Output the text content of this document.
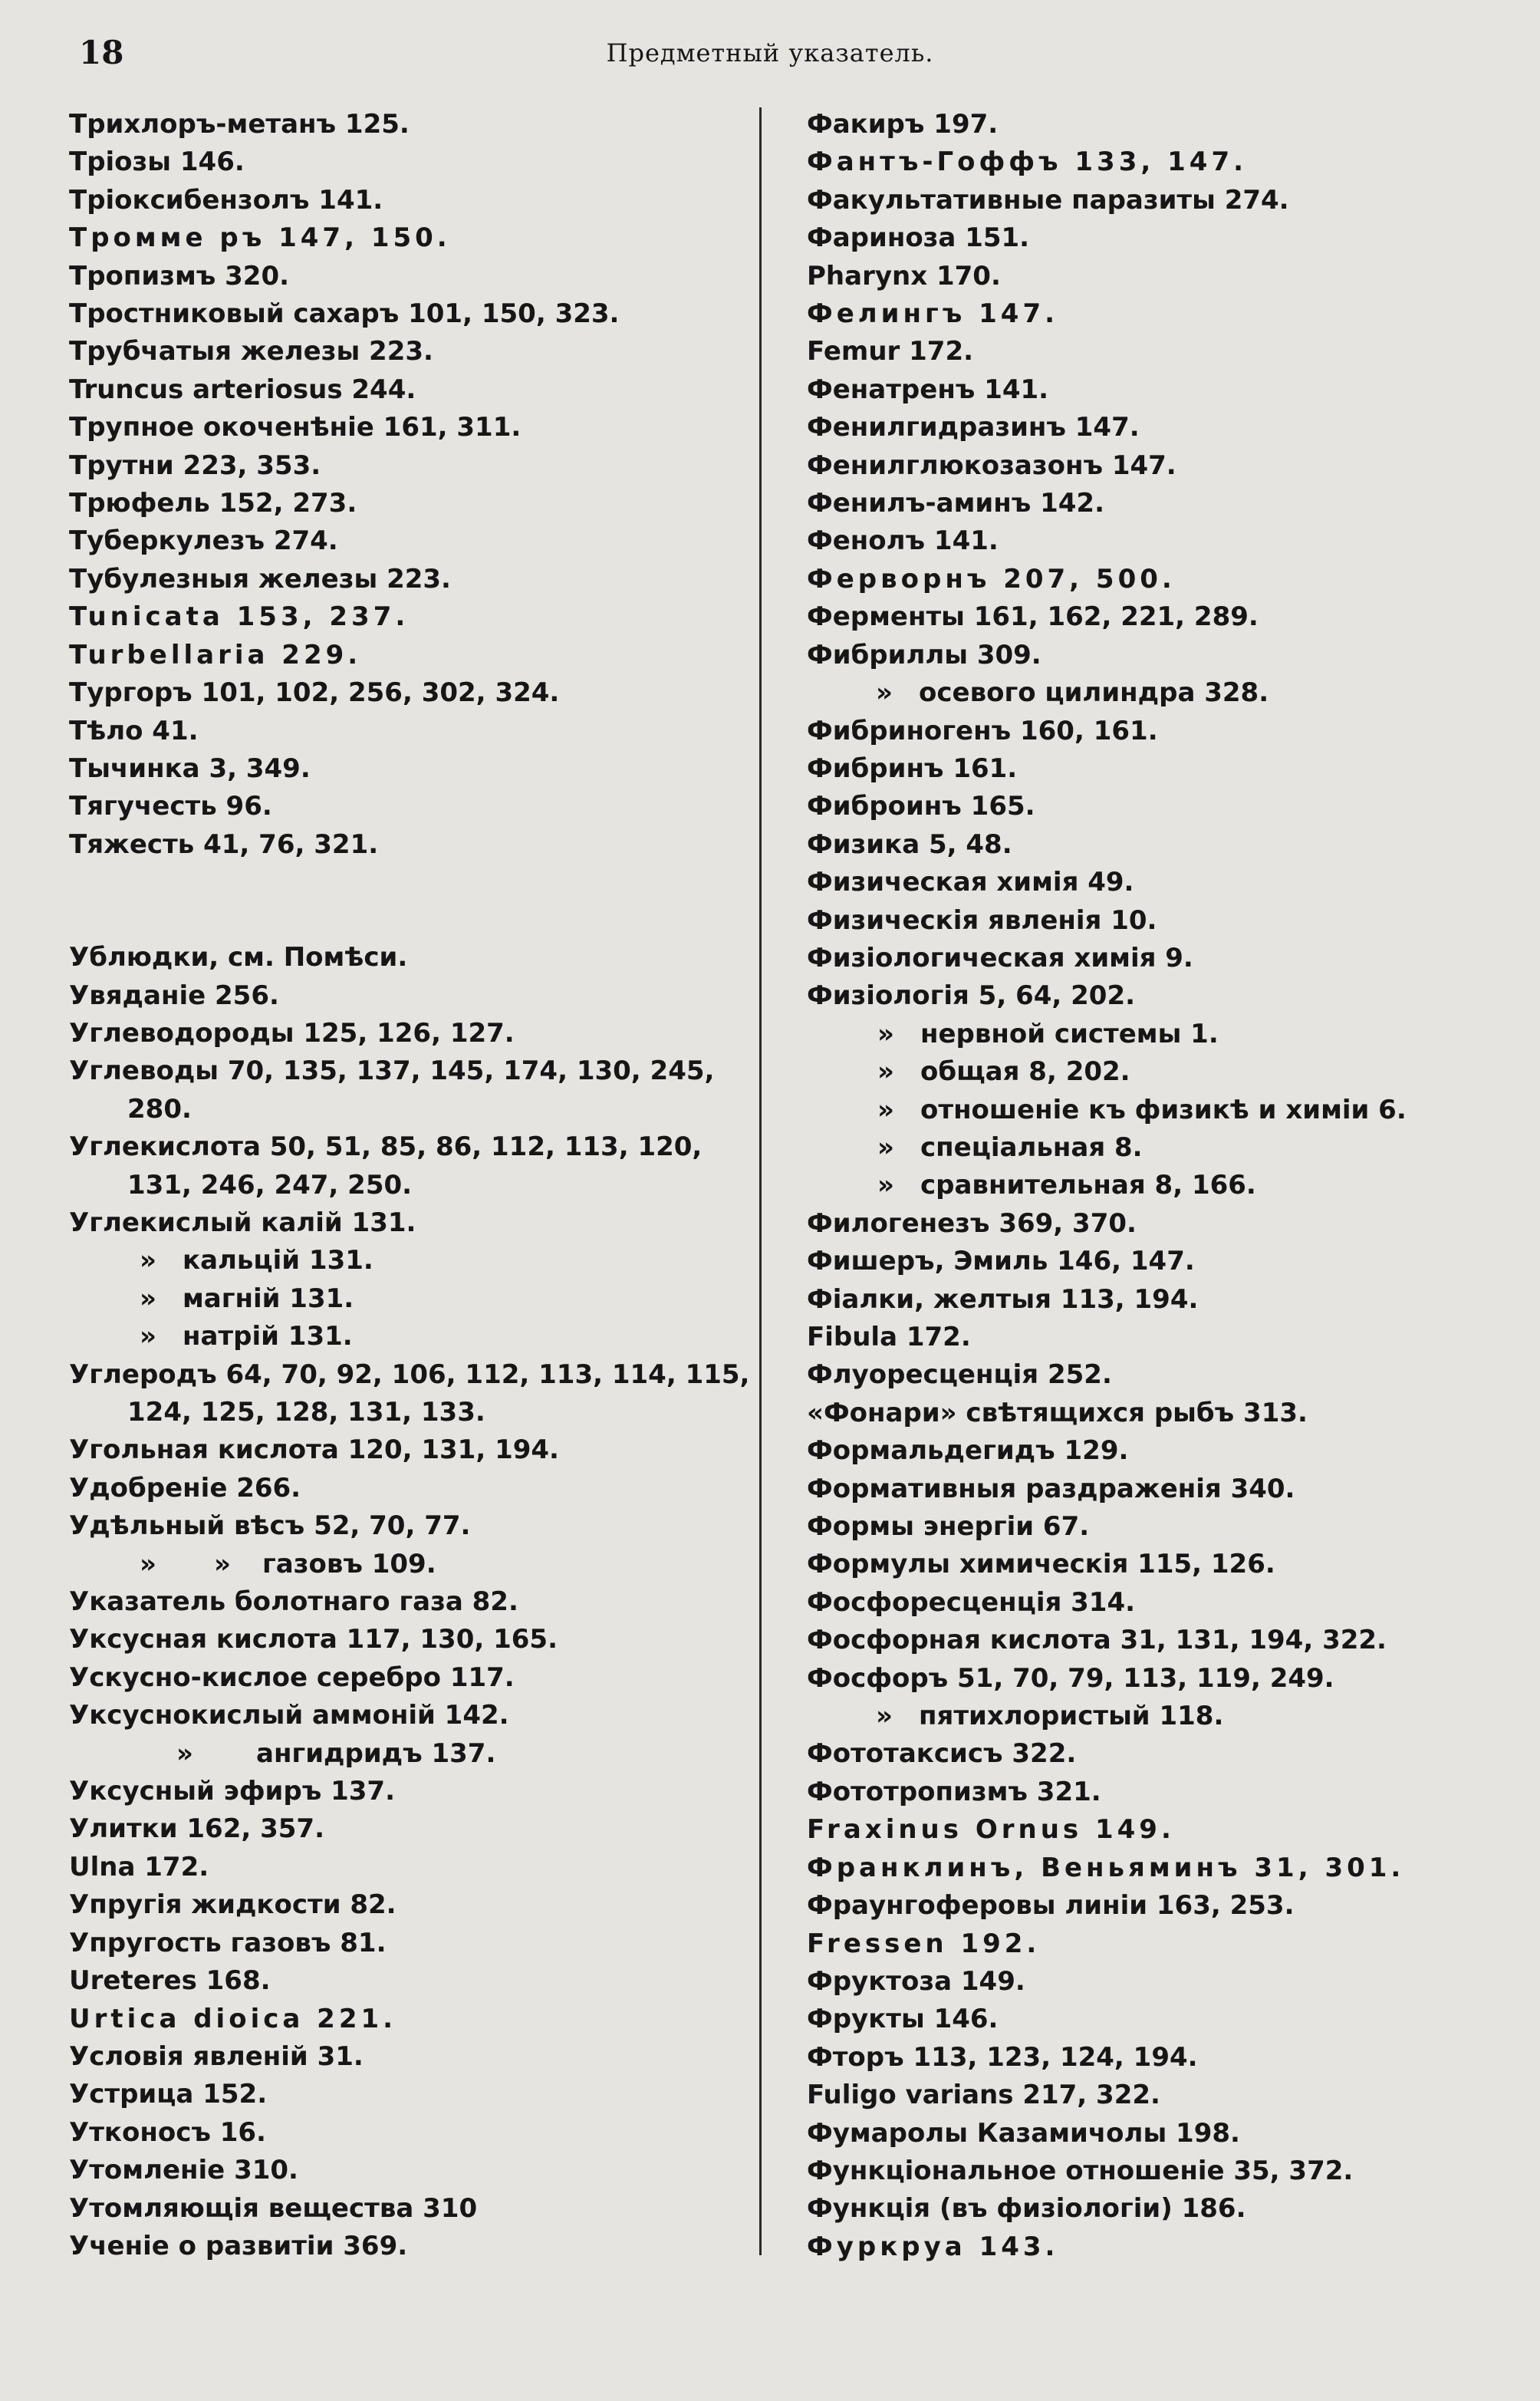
18	Предметный указатель.
Трихлоръ-метанъ 125.
Тріозы 146.
Тріоксибензолъ 141.
Тромме ръ 147, 150.
Тропизмъ 320.
Тростниковый сахаръ 101, 150, 323.
Трубчатыя железы 223.
Truncus arteriosus 244.
Трупное окоченѣніе 161, 311.
Трутни 223, 353.
Трюфель 152, 273.
Туберкулезъ 274.
Тубулезныя железы 223.
Tunicata 153, 237.
Turbellaria 229.
Тургоръ 101, 102, 256, 302, 324.
Тѣло 41.
Тычинка 3, 349.
Тягучесть 96.
Тяжесть 41, 76, 321.
Ублюдки, см. Помѣси.
Увяданіе 256.
Углеводороды 125, 126, 127.
Углеводы 70, 135, 137, 145, 174, 130, 245,
280.
Углекислота 50, 51, 85, 86, 112, 113, 120,
131, 246, 247, 250.
Углекислый калій 131.
» кальцій 131.
» магній 131.
» натрій 131.
Углеродъ 64, 70, 92, 106, 112, 113, 114, 115,
124, 125, 128, 131, 133.
Угольная кислота 120, 131, 194.
Удобреніе 266.
Удѣльный вѣсъ 52, 70, 77.
» » газовъ 109.
Указатель болотнаго газа 82.
Уксусная кислота 117, 130, 165.
Ускусно-кислое серебро 117.
Уксуснокислый аммоній 142.
» ангидридъ 137.
Уксусный эфиръ 137.
Улитки 162, 357.
Ulna 172.
Упругія жидкости 82.
Упругость газовъ 81.
Ureteres 168.
Urtica dioica 221.
Условія явленій 31.
Устрица 152.
Утконосъ 16.
Утомленіе 310.
Утомляющія вещества 310
Ученіе о развитіи 369.
Факиръ 197.
Фантъ-Гоффъ 133, 147.
Факультативные паразиты 274.
Фариноза 151.
Pharynx 170.
Фелингъ 147.
Femur 172.
Фенатренъ 141.
Фенилгидразинъ 147.
Фенилглюкозазонъ 147.
Фенилъ-аминъ 142.
Фенолъ 141.
Ферворнъ 207, 500.
Ферменты 161, 162, 221, 289.
Фибриллы 309.
» осевого цилиндра 328.
Фибриногенъ 160, 161.
Фибринъ 161.
Фиброинъ 165.
Физика 5, 48.
Физическая химія 49.
Физическія явленія 10.
Физіологическая химія 9.
Физіологія 5, 64, 202.
» нервной системы 1.
» общая 8, 202.
» отношеніе къ физикѣ и химіи 6.
» спеціальная 8.
» сравнительная 8, 166.
Филогенезъ 369, 370.
Фишеръ, Эмиль 146, 147.
Фіалки, желтыя 113, 194.
Fibula 172.
Флуоресценція 252.
«Фонари» свѣтящихся рыбъ 313.
Формальдегидъ 129.
Формативныя раздраженія 340.
Формы энергіи 67.
Формулы химическія 115, 126.
Фосфоресценція 314.
Фосфорная кислота 31, 131, 194, 322.
Фосфоръ 51, 70, 79, 113, 119, 249.
» пятихлористый 118.
Фототаксисъ 322.
Фототропизмъ 321.
Fraxinus Ornus 149.
Франклинъ, Веньяминъ 31, 301.
Фраунгоферовы линіи 163, 253.
Fressen 192.
Фруктоза 149.
Фрукты 146.
Фторъ 113, 123, 124, 194.
Fuligo varians 217, 322.
Фумаролы Казамичолы 198.
Функціональное отношеніе 35, 372.
Функція (въ физіологіи) 186.
Фуркруа 143.
